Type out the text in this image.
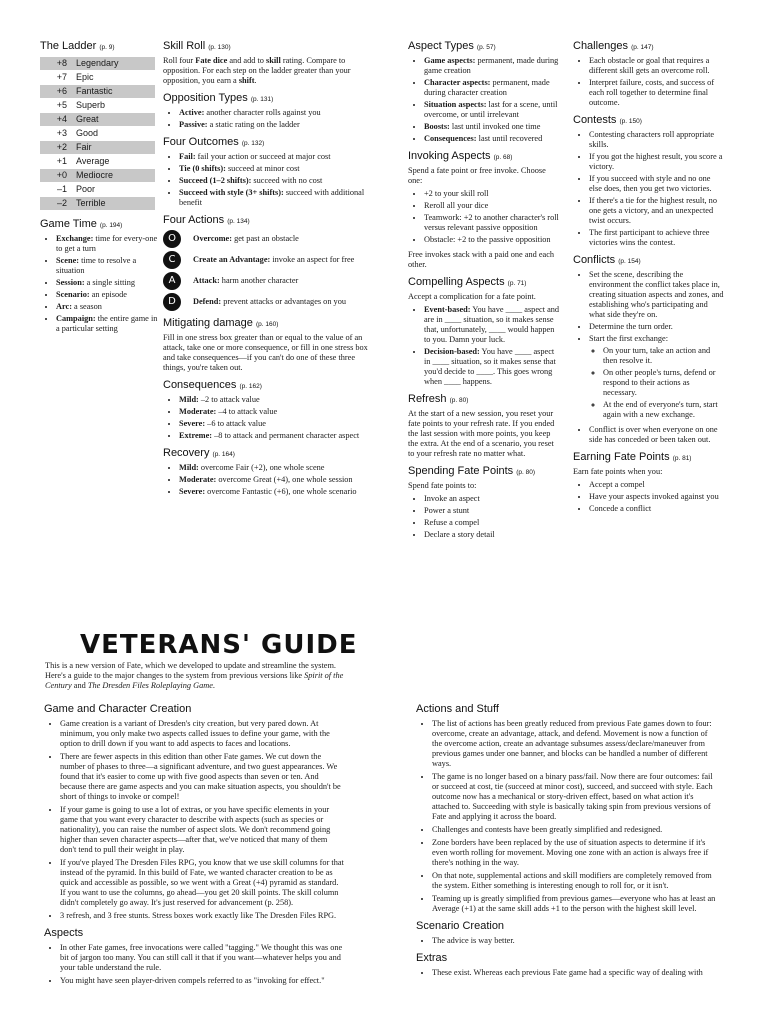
The Ladder (p. 9)
+8	Legendary
+7	Epic
+6	Fantastic
+5	Superb
+4	Great
+3	Good
+2	Fair
+1	Average
+0	Mediocre
–1	Poor
–2	Terrible
Game Time (p. 194)
• Exchange: time for every-one to get a turn
• Scene: time to resolve a situation
• Session: a single sitting
• Scenario: an episode
• Arc: a season
• Campaign: the entire game in a particular setting
Skill Roll (p. 130)

Roll four Fate dice and add to skill rating. Compare to opposition. For each step on the ladder greater than your opposition, you earn a shift.

Opposition Types (p. 131)
• Active: another character rolls against you
• Passive: a static rating on the ladder
Four Outcomes (p. 132)
• Fail: fail your action or succeed at major cost
• Tie (0 shifts): succeed at minor cost
• Succeed (1–2 shifts): succeed with no cost
• Succeed with style (3+ shifts): succeed with additional benefit
Four Actions (p. 134)
O	Overcome: get past an obstacle
C	Create an Advantage: invoke an aspect for free
A	Attack: harm another character
D	Defend: prevent attacks or advantages on you
Mitigating damage (p. 160)

Fill in one stress box greater than or equal to the value of an attack, take one or more consequence, or fill in one stress box and take consequences—if you can't do one of these three things, you're taken out.

Consequences (p. 162)
• Mild: –2 to attack value
• Moderate: –4 to attack value
• Severe: –6 to attack value
• Extreme: –8 to attack and permanent character aspect
Recovery (p. 164)
• Mild: overcome Fair (+2), one whole scene
• Moderate: overcome Great (+4), one whole session
• Severe: overcome Fantastic (+6), one whole scenario
Aspect Types (p. 57)
• Game aspects: permanent, made during game creation
• Character aspects: permanent, made during character creation
• Situation aspects: last for a scene, until overcome, or until irrelevant
• Boosts: last until invoked one time
• Consequences: last until recovered
Invoking Aspects (p. 68)

Spend a fate point or free invoke. Choose one:

• +2 to your skill roll
• Reroll all your dice
• Teamwork: +2 to another character's roll versus relevant passive opposition
• Obstacle: +2 to the passive opposition

Free invokes stack with a paid one and each other.

Compelling Aspects (p. 71)

Accept a complication for a fate point.

• Event-based: You have ____ aspect and are in ____ situation, so it makes sense that, unfortunately, ____ would happen to you. Damn your luck.
• Decision-based: You have ____ aspect in ____ situation, so it makes sense that you'd decide to ____. This goes wrong when ____ happens.
Refresh (p. 80)

At the start of a new session, you reset your fate points to your refresh rate. If you ended the last session with more points, you keep the extra. At the end of a scenario, you reset to your refresh rate no matter what.

Spending Fate Points (p. 80)

Spend fate points to:

• Invoke an aspect
• Power a stunt
• Refuse a compel
• Declare a story detail
Challenges (p. 147)
• Each obstacle or goal that requires a different skill gets an overcome roll.
• Interpret failure, costs, and success of each roll together to determine final outcome.
Contests (p. 150)
• Contesting characters roll appropriate skills.
• If you got the highest result, you score a victory.
• If you succeed with style and no one else does, then you get two victories.
• If there's a tie for the highest result, no one gets a victory, and an unexpected twist occurs.
• The first participant to achieve three victories wins the contest.
Conflicts (p. 154)
• Set the scene, describing the environment the conflict takes place in, creating situation aspects and zones, and establishing who's participating and what side they're on.
• Determine the turn order.
• Start the first exchange:
◦ On your turn, take an action and then resolve it.
◦ On other people's turns, defend or respond to their actions as necessary.
◦ At the end of everyone's turn, start again with a new exchange.
• Conflict is over when everyone on one side has conceded or been taken out.
Earning Fate Points (p. 81)

Earn fate points when you:

• Accept a compel
• Have your aspects invoked against you
• Concede a conflict
VETERANS' GUIDE
This is a new version of Fate, which we developed to update and streamline the system. Here's a guide to the major changes to the system from previous versions like Spirit of the Century and The Dresden Files Roleplaying Game.
Game and Character Creation
• Game creation is a variant of Dresden's city creation, but very pared down. At minimum, you only make two aspects called issues to define your game, with the option to drill down if you want to add aspects to faces and locations.
• There are fewer aspects in this edition than other Fate games. We cut down the number of phases to three—a significant adventure, and two guest appearances. We found that it's easier to come up with five good aspects than seven or ten. And because there are game aspects and you can make situation aspects, you shouldn't be short of things to invoke or compel!
• If your game is going to use a lot of extras, or you have specific elements in your game that you want every character to describe with aspects (such as species or nationality), you can raise the number of aspect slots. We don't recommend going higher than seven character aspects—after that, we've noticed that many of them don't tend to pull their weight in play.
• If you've played The Dresden Files RPG, you know that we use skill columns for that instead of the pyramid. In this build of Fate, we wanted character creation to be as quick and accessible as possible, so we went with a Great (+4) pyramid as standard. If you want to use the columns, go ahead—you get 20 skill points. The skill column didn't completely go away. It's just reserved for advancement (p. 258).
• 3 refresh, and 3 free stunts. Stress boxes work exactly like The Dresden Files RPG.
Aspects
• In other Fate games, free invocations were called "tagging." We thought this was one bit of jargon too many. You can still call it that if you want—whatever helps you and your table understand the rule.
• You might have seen player-driven compels referred to as "invoking for effect."
Actions and Stuff
• The list of actions has been greatly reduced from previous Fate games down to four: overcome, create an advantage, attack, and defend. Movement is now a function of the overcome action, create an advantage subsumes assess/declare/maneuver from previous games under one banner, and blocks can be handled a number of different ways.
• The game is no longer based on a binary pass/fail. Now there are four outcomes: fail or succeed at cost, tie (succeed at minor cost), succeed, and succeed with style. Each outcome now has a mechanical or story-driven effect, based on what action it's attached to. Succeeding with style is basically taking spin from previous versions of Fate and applying it across the board.
• Challenges and contests have been greatly simplified and redesigned.
• Zone borders have been replaced by the use of situation aspects to determine if it's even worth rolling for movement. Moving one zone with an action is always free if there's nothing in the way.
• On that note, supplemental actions and skill modifiers are completely removed from the system. Either something is interesting enough to roll for, or it isn't.
• Teaming up is greatly simplified from previous games—everyone who has at least an Average (+1) at the same skill adds +1 to the person with the highest skill level.
Scenario Creation
• The advice is way better.
Extras
• These exist. Whereas each previous Fate game had a specific way of dealing with
